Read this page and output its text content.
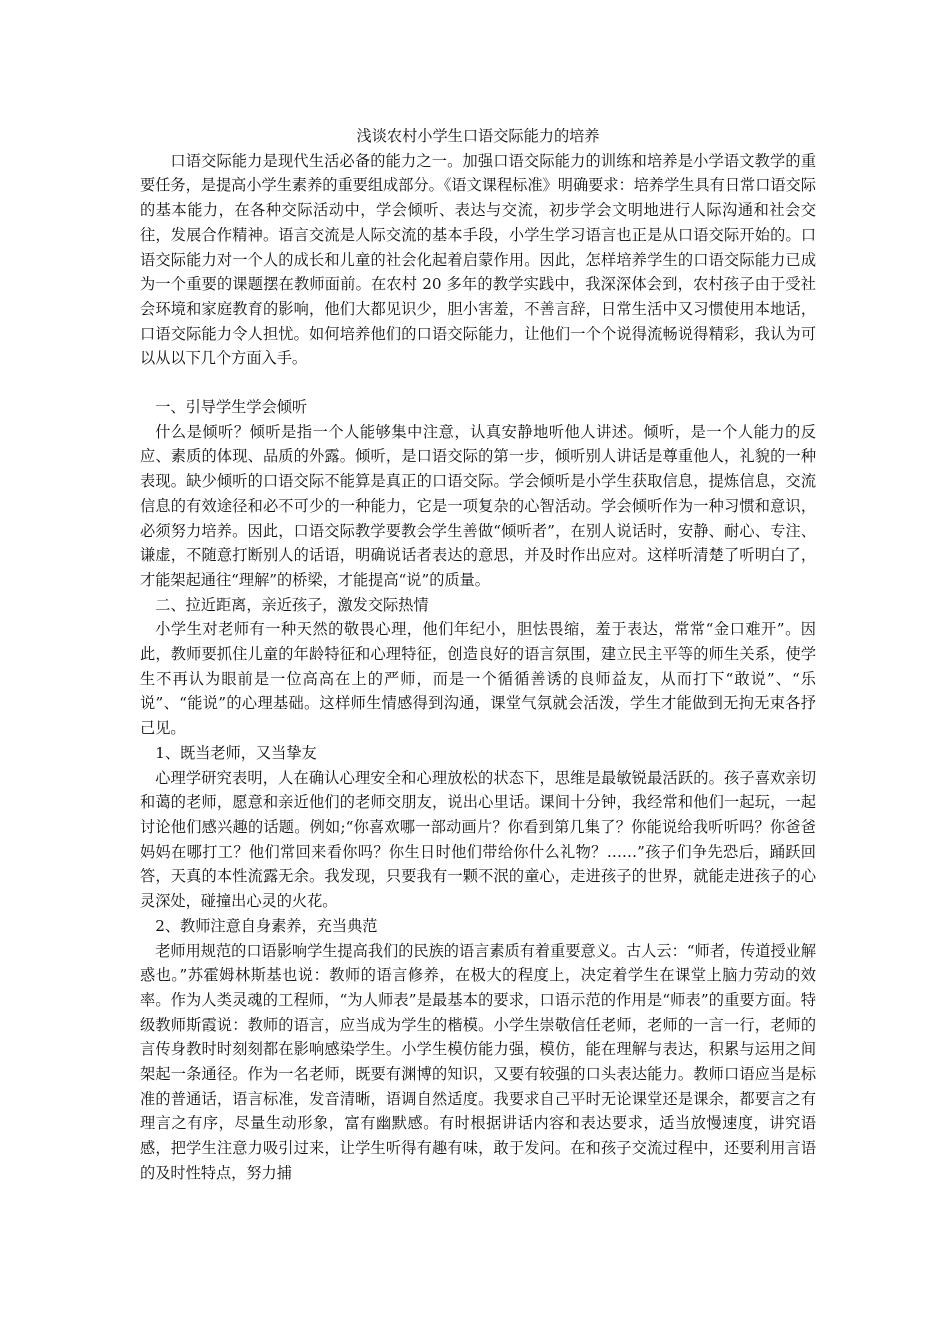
浅谈农村小学生口语交际能力的培养

口语交际能力是现代生活必备的能力之一。加强口语交际能力的训练和培养是小学语文教学的重要任务，是提高小学生素养的重要组成部分。《语文课程标准》明确要求：培养学生具有日常口语交际的基本能力，在各种交际活动中，学会倾听、表达与交流，初步学会文明地进行人际沟通和社会交往，发展合作精神。语言交流是人际交流的基本手段，小学生学习语言也正是从口语交际开始的。口语交际能力对一个人的成长和儿童的社会化起着启蒙作用。因此，怎样培养学生的口语交际能力已成为一个重要的课题摆在教师面前。在农村 20 多年的教学实践中，我深深体会到，农村孩子由于受社会环境和家庭教育的影响，他们大都见识少，胆小害羞，不善言辞，日常生活中又习惯使用本地话，口语交际能力令人担忧。如何培养他们的口语交际能力，让他们一个个说得流畅说得精彩，我认为可以从以下几个方面入手。

一、引导学生学会倾听

什么是倾听？倾听是指一个人能够集中注意，认真安静地听他人讲述。倾听，是一个人能力的反应、素质的体现、品质的外露。倾听，是口语交际的第一步，倾听别人讲话是尊重他人，礼貌的一种表现。缺少倾听的口语交际不能算是真正的口语交际。学会倾听是小学生获取信息，提炼信息，交流信息的有效途径和必不可少的一种能力，它是一项复杂的心智活动。学会倾听作为一种习惯和意识，必须努力培养。因此，口语交际教学要教会学生善做“倾听者”，在别人说话时，安静、耐心、专注、谦虚，不随意打断别人的话语，明确说话者表达的意思，并及时作出应对。这样听清楚了听明白了，才能架起通往“理解”的桥梁，才能提高“说”的质量。

二、拉近距离，亲近孩子，激发交际热情

小学生对老师有一种天然的敬畏心理，他们年纪小，胆怯畏缩，羞于表达，常常“金口难开”。因此，教师要抓住儿童的年龄特征和心理特征，创造良好的语言氛围，建立民主平等的师生关系，使学生不再认为眼前是一位高高在上的严师，而是一个循循善诱的良师益友，从而打下“敢说”、“乐说”、“能说”的心理基础。这样师生情感得到沟通，课堂气氛就会活泼，学生才能做到无拘无束各抒己见。

1、既当老师，又当挚友

心理学研究表明，人在确认心理安全和心理放松的状态下，思维是最敏锐最活跃的。孩子喜欢亲切和蔼的老师，愿意和亲近他们的老师交朋友，说出心里话。课间十分钟，我经常和他们一起玩，一起讨论他们感兴趣的话题。例如;“你喜欢哪一部动画片？你看到第几集了？你能说给我听听吗？你爸爸妈妈在哪打工？他们常回来看你吗？你生日时他们带给你什么礼物？……”孩子们争先恐后，踊跃回答，天真的本性流露无余。我发现，只要我有一颗不泯的童心，走进孩子的世界，就能走进孩子的心灵深处，碰撞出心灵的火花。

2、教师注意自身素养，充当典范

老师用规范的口语影响学生提高我们的民族的语言素质有着重要意义。古人云：“师者，传道授业解惑也。”苏霍姆林斯基也说：教师的语言修养，在极大的程度上，决定着学生在课堂上脑力劳动的效率。作为人类灵魂的工程师，“为人师表”是最基本的要求，口语示范的作用是“师表”的重要方面。特级教师斯霞说：教师的语言，应当成为学生的楷模。小学生崇敬信任老师，老师的一言一行，老师的言传身教时时刻刻都在影响感染学生。小学生模仿能力强，模仿，能在理解与表达，积累与运用之间架起一条通径。作为一名老师，既要有渊博的知识，又要有较强的口头表达能力。教师口语应当是标准的普通话，语言标准，发音清晰，语调自然适度。我要求自己平时无论课堂还是课余，都要言之有理言之有序，尽量生动形象，富有幽默感。有时根据讲话内容和表达要求，适当放慢速度，讲究语感，把学生注意力吸引过来，让学生听得有趣有味，敢于发问。在和孩子交流过程中，还要利用言语的及时性特点，努力捕
